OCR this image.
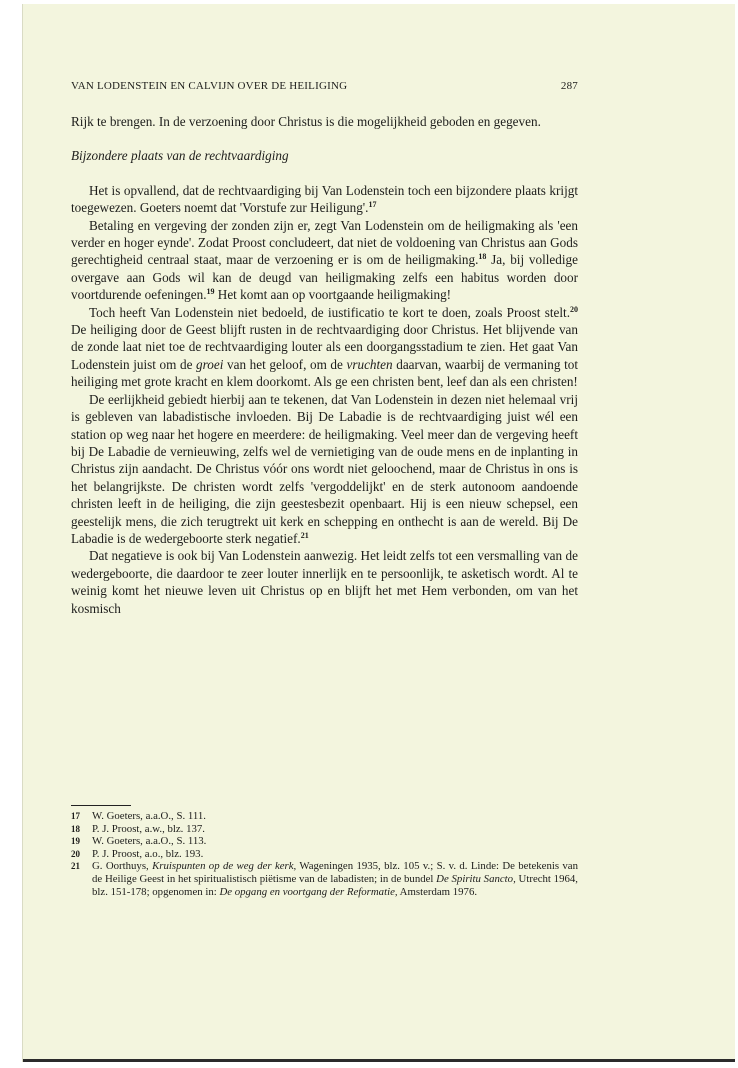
VAN LODENSTEIN EN CALVIJN OVER DE HEILIGING	287

Rijk te brengen. In de verzoening door Christus is die mogelijkheid geboden en gegeven.

Bijzondere plaats van de rechtvaardiging

Het is opvallend, dat de rechtvaardiging bij Van Lodenstein toch een bijzondere plaats krijgt toegewezen. Goeters noemt dat 'Vorstufe zur Heiligung'.$^{17}$

Betaling en vergeving der zonden zijn er, zegt Van Lodenstein om de heiligmaking als 'een verder en hoger eynde'. Zodat Proost concludeert, dat niet de voldoening van Christus aan Gods gerechtigheid centraal staat, maar de verzoening er is om de heiligmaking.$^{18}$ Ja, bij volledige overgave aan Gods wil kan de deugd van heiligmaking zelfs een habitus worden door voortdurende oefeningen.$^{19}$ Het komt aan op voortgaande heiligmaking!

Toch heeft Van Lodenstein niet bedoeld, de iustificatio te kort te doen, zoals Proost stelt.$^{20}$ De heiliging door de Geest blijft rusten in de rechtvaardiging door Christus. Het blijvende van de zonde laat niet toe de rechtvaardiging louter als een doorgangsstadium te zien. Het gaat Van Lodenstein juist om de groei van het geloof, om de vruchten daarvan, waarbij de vermaning tot heiliging met grote kracht en klem doorkomt. Als ge een christen bent, leef dan als een christen!

De eerlijkheid gebiedt hierbij aan te tekenen, dat Van Lodenstein in dezen niet helemaal vrij is gebleven van labadistische invloeden. Bij De Labadie is de rechtvaardiging juist wél een station op weg naar het hogere en meerdere: de heiligmaking. Veel meer dan de vergeving heeft bij De Labadie de vernieuwing, zelfs wel de vernietiging van de oude mens en de inplanting in Christus zijn aandacht. De Christus vóór ons wordt niet geloochend, maar de Christus ìn ons is het belangrijkste. De christen wordt zelfs 'vergoddelijkt' en de sterk autonoom aandoende christen leeft in de heiliging, die zijn geestesbezit openbaart. Hij is een nieuw schepsel, een geestelijk mens, die zich terugtrekt uit kerk en schepping en onthecht is aan de wereld. Bij De Labadie is de wedergeboorte sterk negatief.$^{21}$

Dat negatieve is ook bij Van Lodenstein aanwezig. Het leidt zelfs tot een versmalling van de wedergeboorte, die daardoor te zeer louter innerlijk en te persoonlijk, te asketisch wordt. Al te weinig komt het nieuwe leven uit Christus op en blijft het met Hem verbonden, om van het kosmisch

17	W. Goeters, a.a.O., S. 111.
18	P. J. Proost, a.w., blz. 137.
19	W. Goeters, a.a.O., S. 113.
20	P. J. Proost, a.o., blz. 193.
21	G. Oorthuys, Kruispunten op de weg der kerk, Wageningen 1935, blz. 105 v.; S. v. d. Linde: De betekenis van de Heilige Geest in het spiritualistisch piëtisme van de labadisten; in de bundel De Spiritu Sancto, Utrecht 1964, blz. 151-178; opgenomen in: De opgang en voortgang der Reformatie, Amsterdam 1976.
